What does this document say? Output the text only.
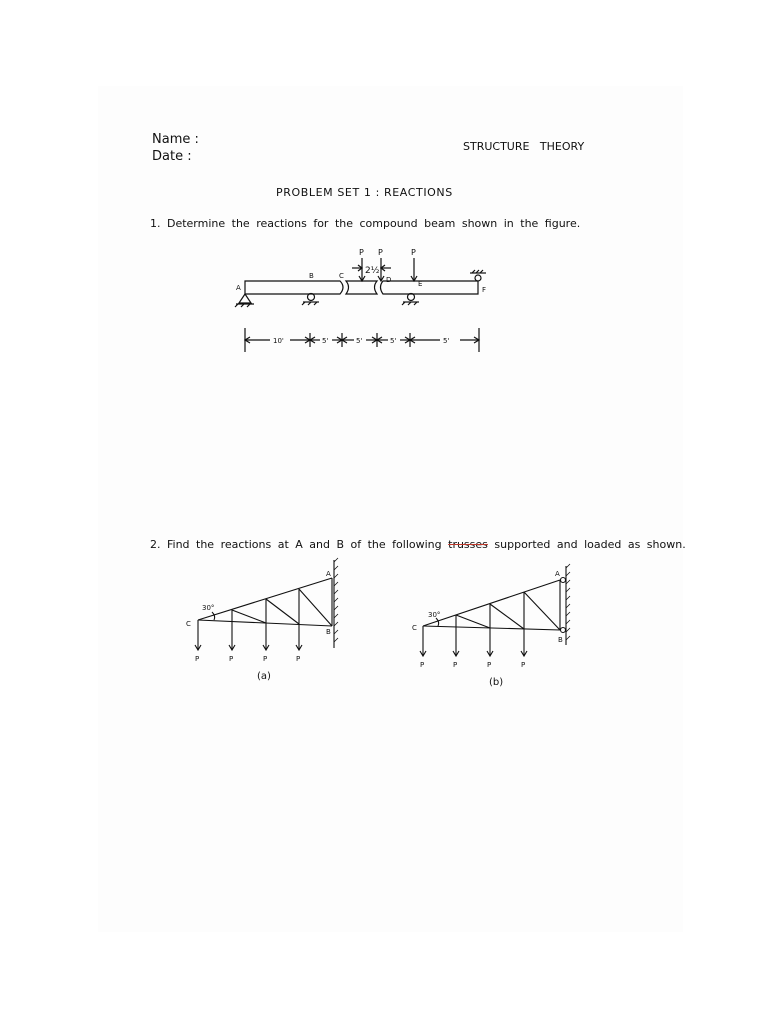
Name :
Date :
STRUCTURE   THEORY
PROBLEM SET 1 : REACTIONS
1. Determine the reactions for the compound beam shown in the figure.
A
B	C	D	E
F
P P	P
2½'
10'	5'	5'	5'	5'
2. Find the reactions at A and B of the following trusses supported and loaded as shown.
A
B
C
30°
P	P	P	P
A
B
C
30°
P	P	P	P
(a)
(b)
